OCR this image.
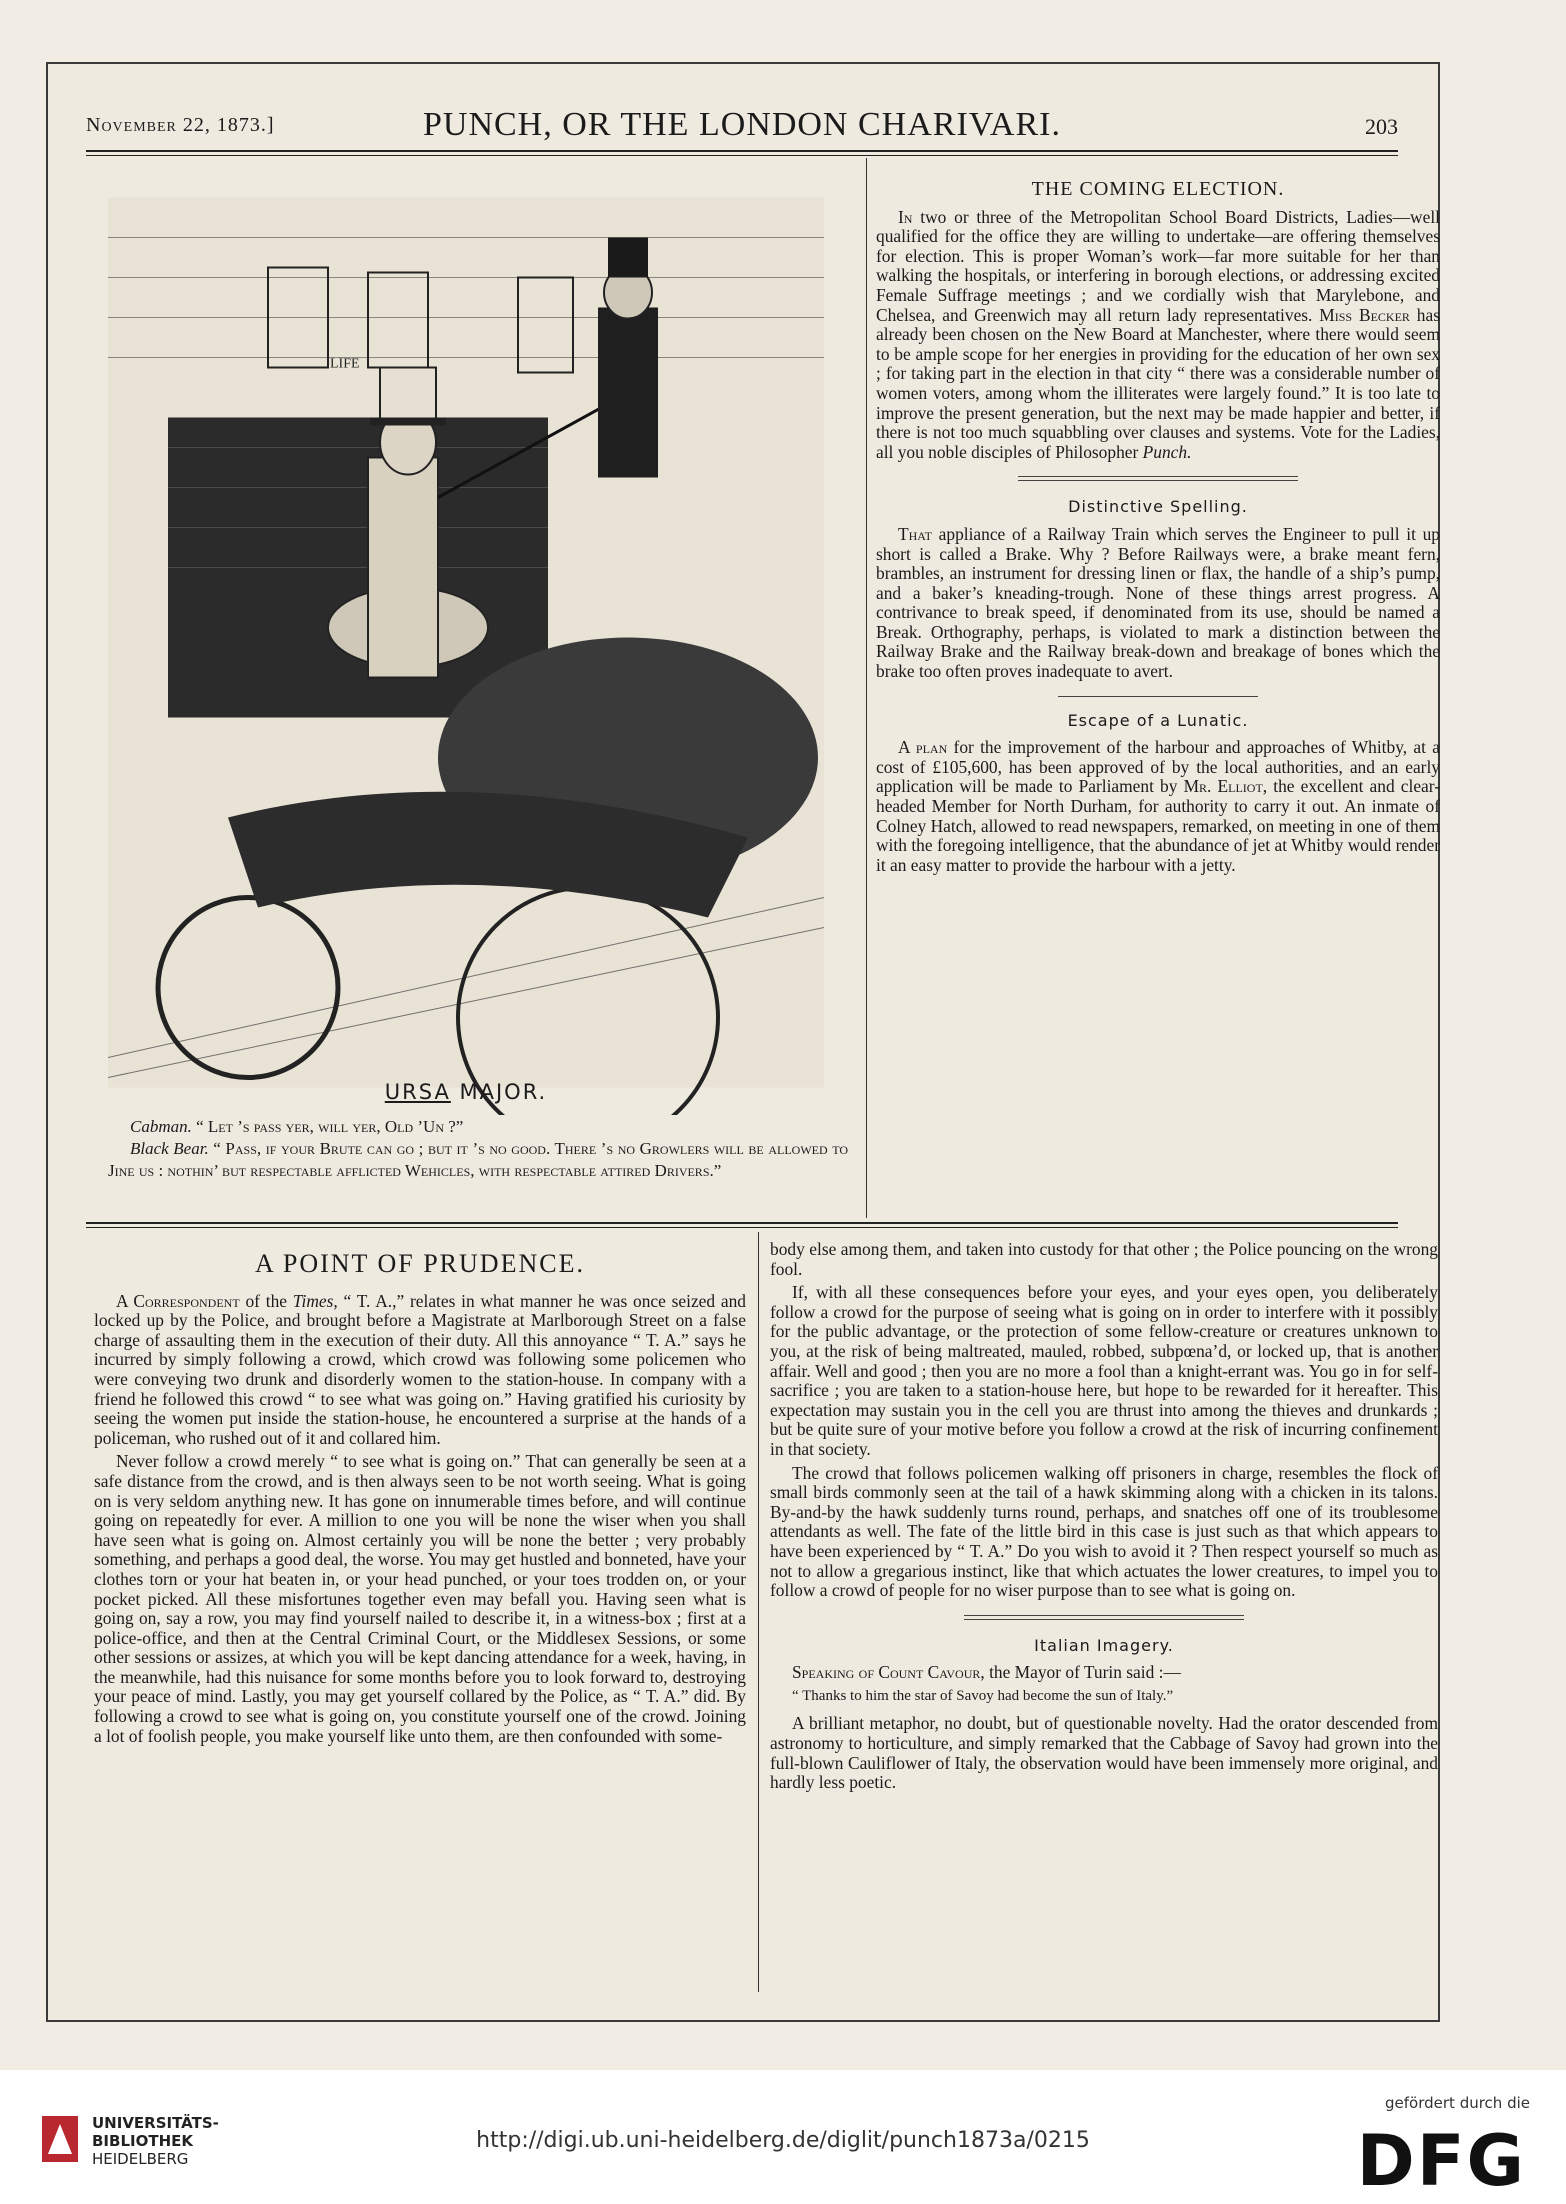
November 22, 1873.]	PUNCH, OR THE LONDON CHARIVARI.	203
LIFE
URSA MAJOR.

Cabman. “ Let ’s pass yer, will yer, Old ’Un ?”

Black Bear. “ Pass, if your Brute can go ; but it ’s no good. There ’s no Growlers will be allowed to Jine us : nothin’ but respectable afflicted Wehicles, with respectable attired Drivers.”

THE COMING ELECTION.

In two or three of the Metropolitan School Board Districts, Ladies—well qualified for the office they are willing to undertake—are offering themselves for election. This is proper Woman’s work—far more suitable for her than walking the hospitals, or interfering in borough elections, or addressing excited Female Suffrage meetings ; and we cordially wish that Marylebone, and Chelsea, and Greenwich may all return lady representatives. Miss Becker has already been chosen on the New Board at Manchester, where there would seem to be ample scope for her energies in providing for the education of her own sex ; for taking part in the election in that city “ there was a considerable number of women voters, among whom the illiterates were largely found.” It is too late to improve the present generation, but the next may be made happier and better, if there is not too much squabbling over clauses and systems. Vote for the Ladies, all you noble disciples of Philosopher Punch.

Distinctive Spelling.

That appliance of a Railway Train which serves the Engineer to pull it up short is called a Brake. Why ? Before Railways were, a brake meant fern, brambles, an instrument for dressing linen or flax, the handle of a ship’s pump, and a baker’s kneading-trough. None of these things arrest progress. A contrivance to break speed, if denominated from its use, should be named a Break. Orthography, perhaps, is violated to mark a distinction between the Railway Brake and the Railway break-down and breakage of bones which the brake too often proves inadequate to avert.

Escape of a Lunatic.

A plan for the improvement of the harbour and approaches of Whitby, at a cost of £105,600, has been approved of by the local authorities, and an early application will be made to Parliament by Mr. Elliot, the excellent and clear-headed Member for North Durham, for authority to carry it out. An inmate of Colney Hatch, allowed to read newspapers, remarked, on meeting in one of them with the foregoing intelligence, that the abundance of jet at Whitby would render it an easy matter to provide the harbour with a jetty.

A POINT OF PRUDENCE.

A Correspondent of the Times, “ T. A.,” relates in what manner he was once seized and locked up by the Police, and brought before a Magistrate at Marlborough Street on a false charge of assaulting them in the execution of their duty. All this annoyance “ T. A.” says he incurred by simply following a crowd, which crowd was following some policemen who were conveying two drunk and disorderly women to the station-house. In company with a friend he followed this crowd “ to see what was going on.” Having gratified his curiosity by seeing the women put inside the station-house, he encountered a surprise at the hands of a policeman, who rushed out of it and collared him.

Never follow a crowd merely “ to see what is going on.” That can generally be seen at a safe distance from the crowd, and is then always seen to be not worth seeing. What is going on is very seldom anything new. It has gone on innumerable times before, and will continue going on repeatedly for ever. A million to one you will be none the wiser when you shall have seen what is going on. Almost certainly you will be none the better ; very probably something, and perhaps a good deal, the worse. You may get hustled and bonneted, have your clothes torn or your hat beaten in, or your head punched, or your toes trodden on, or your pocket picked. All these misfortunes together even may befall you. Having seen what is going on, say a row, you may find yourself nailed to describe it, in a witness-box ; first at a police-office, and then at the Central Criminal Court, or the Middlesex Sessions, or some other sessions or assizes, at which you will be kept dancing attendance for a week, having, in the meanwhile, had this nuisance for some months before you to look forward to, destroying your peace of mind. Lastly, you may get yourself collared by the Police, as “ T. A.” did. By following a crowd to see what is going on, you constitute yourself one of the crowd. Joining a lot of foolish people, you make yourself like unto them, are then confounded with some-

body else among them, and taken into custody for that other ; the Police pouncing on the wrong fool.

If, with all these consequences before your eyes, and your eyes open, you deliberately follow a crowd for the purpose of seeing what is going on in order to interfere with it possibly for the public advantage, or the protection of some fellow-creature or creatures unknown to you, at the risk of being maltreated, mauled, robbed, subpœna’d, or locked up, that is another affair. Well and good ; then you are no more a fool than a knight-errant was. You go in for self-sacrifice ; you are taken to a station-house here, but hope to be rewarded for it hereafter. This expectation may sustain you in the cell you are thrust into among the thieves and drunkards ; but be quite sure of your motive before you follow a crowd at the risk of incurring confinement in that society.

The crowd that follows policemen walking off prisoners in charge, resembles the flock of small birds commonly seen at the tail of a hawk skimming along with a chicken in its talons. By-and-by the hawk suddenly turns round, perhaps, and snatches off one of its troublesome attendants as well. The fate of the little bird in this case is just such as that which appears to have been experienced by “ T. A.” Do you wish to avoid it ? Then respect yourself so much as not to allow a gregarious instinct, like that which actuates the lower creatures, to impel you to follow a crowd of people for no wiser purpose than to see what is going on.

Italian Imagery.

Speaking of Count Cavour, the Mayor of Turin said :—

“ Thanks to him the star of Savoy had become the sun of Italy.”

A brilliant metaphor, no doubt, but of questionable novelty. Had the orator descended from astronomy to horticulture, and simply remarked that the Cabbage of Savoy had grown into the full-blown Cauliflower of Italy, the observation would have been immensely more original, and hardly less poetic.

UNIVERSITÄTS-
BIBLIOTHEK
HEIDELBERG
http://digi.ub.uni-heidelberg.de/diglit/punch1873a/0215
gefördert durch die
DFG
